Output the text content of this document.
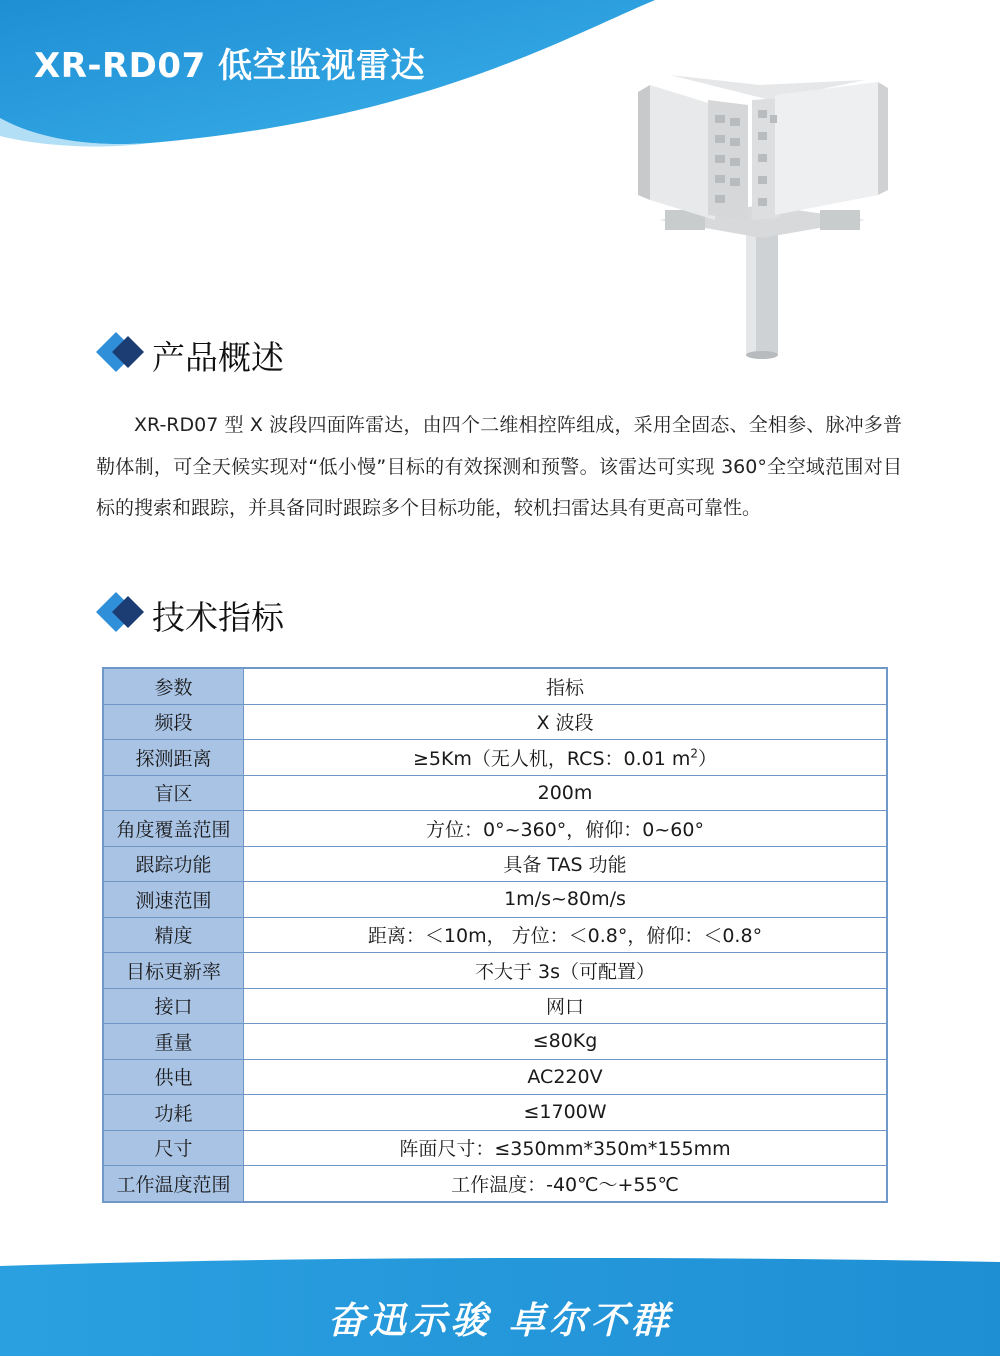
XR-RD07 低空监视雷达
产品概述

XR-RD07 型 X 波段四面阵雷达，由四个二维相控阵组成，采用全固态、全相参、脉冲多普勒体制，可全天候实现对“低小慢”目标的有效探测和预警。该雷达可实现 360°全空域范围对目标的搜索和跟踪，并具备同时跟踪多个目标功能，较机扫雷达具有更高可靠性。

技术指标
参数	指标
频段	X 波段
探测距离	≥5Km（无人机，RCS：0.01 $m^2$）
盲区	200m
角度覆盖范围	方位：0°~360°，俯仰：0~60°
跟踪功能	具备 TAS 功能
测速范围	1m/s~80m/s
精度	距离：＜10m， 方位：＜0.8°，俯仰：＜0.8°
目标更新率	不大于 3s（可配置）
接口	网口
重量	≤80Kg
供电	AC220V
功耗	≤1700W
尺寸	阵面尺寸：≤350mm*350m*155mm
工作温度范围	工作温度：-40℃～+55℃
奋迅示骏 卓尔不群
